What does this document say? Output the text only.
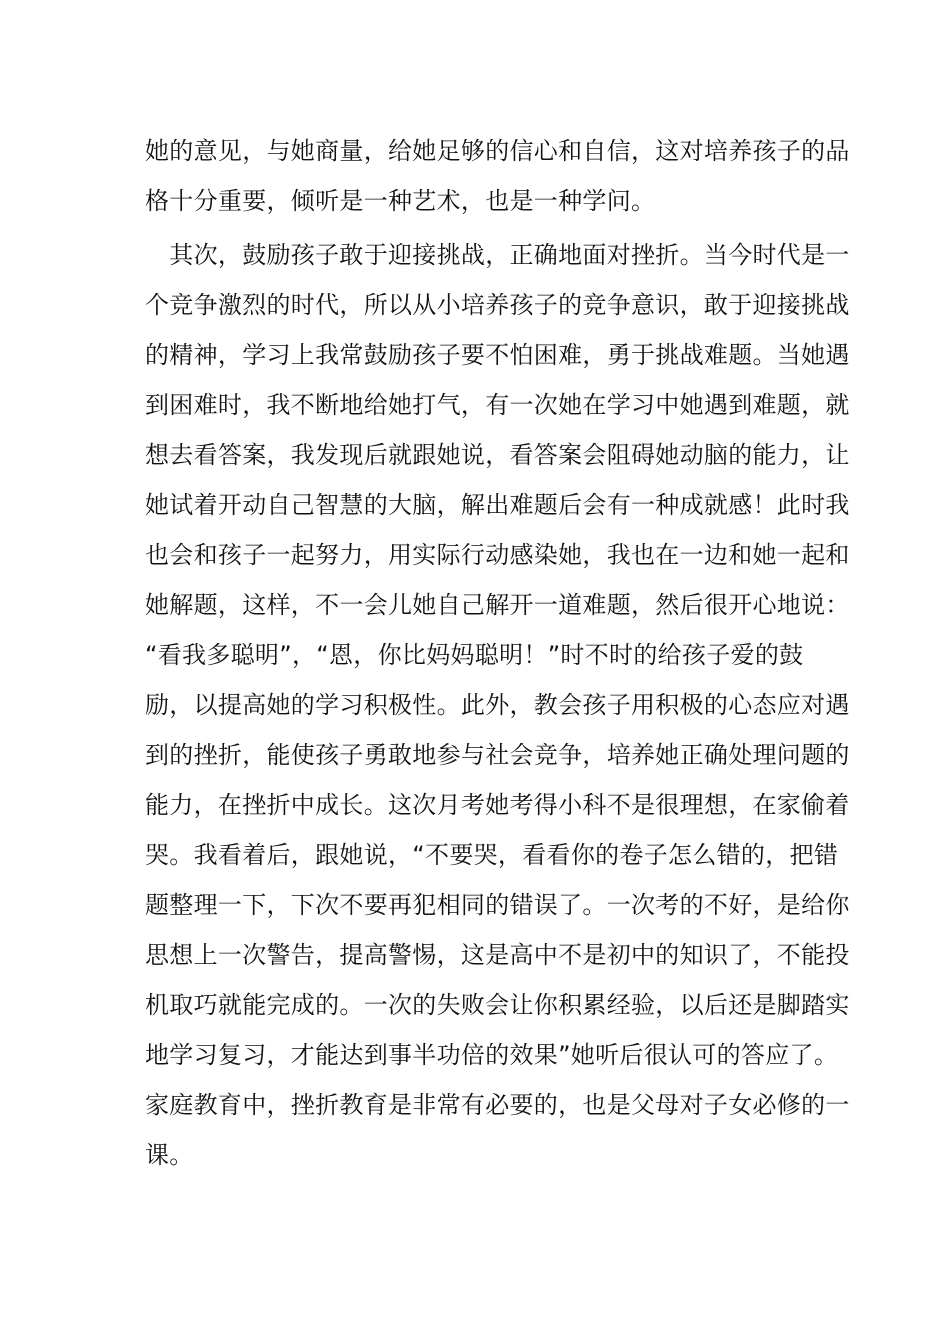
她的意见，与她商量，给她足够的信心和自信，这对培养孩子的品
格十分重要，倾听是一种艺术，也是一种学问。
　其次，鼓励孩子敢于迎接挑战，正确地面对挫折。当今时代是一
个竞争激烈的时代，所以从小培养孩子的竞争意识，敢于迎接挑战
的精神，学习上我常鼓励孩子要不怕困难，勇于挑战难题。当她遇
到困难时，我不断地给她打气，有一次她在学习中她遇到难题，就
想去看答案，我发现后就跟她说，看答案会阻碍她动脑的能力，让
她试着开动自己智慧的大脑，解出难题后会有一种成就感！此时我
也会和孩子一起努力，用实际行动感染她，我也在一边和她一起和
她解题，这样，不一会儿她自己解开一道难题，然后很开心地说：
“看我多聪明”，“恩，你比妈妈聪明！”时不时的给孩子爱的鼓
励，以提高她的学习积极性。此外，教会孩子用积极的心态应对遇
到的挫折，能使孩子勇敢地参与社会竞争，培养她正确处理问题的
能力，在挫折中成长。这次月考她考得小科不是很理想，在家偷着
哭。我看着后，跟她说，“不要哭，看看你的卷子怎么错的，把错
题整理一下，下次不要再犯相同的错误了。一次考的不好，是给你
思想上一次警告，提高警惕，这是高中不是初中的知识了，不能投
机取巧就能完成的。一次的失败会让你积累经验，以后还是脚踏实
地学习复习，才能达到事半功倍的效果”她听后很认可的答应了。
家庭教育中，挫折教育是非常有必要的，也是父母对子女必修的一
课。
